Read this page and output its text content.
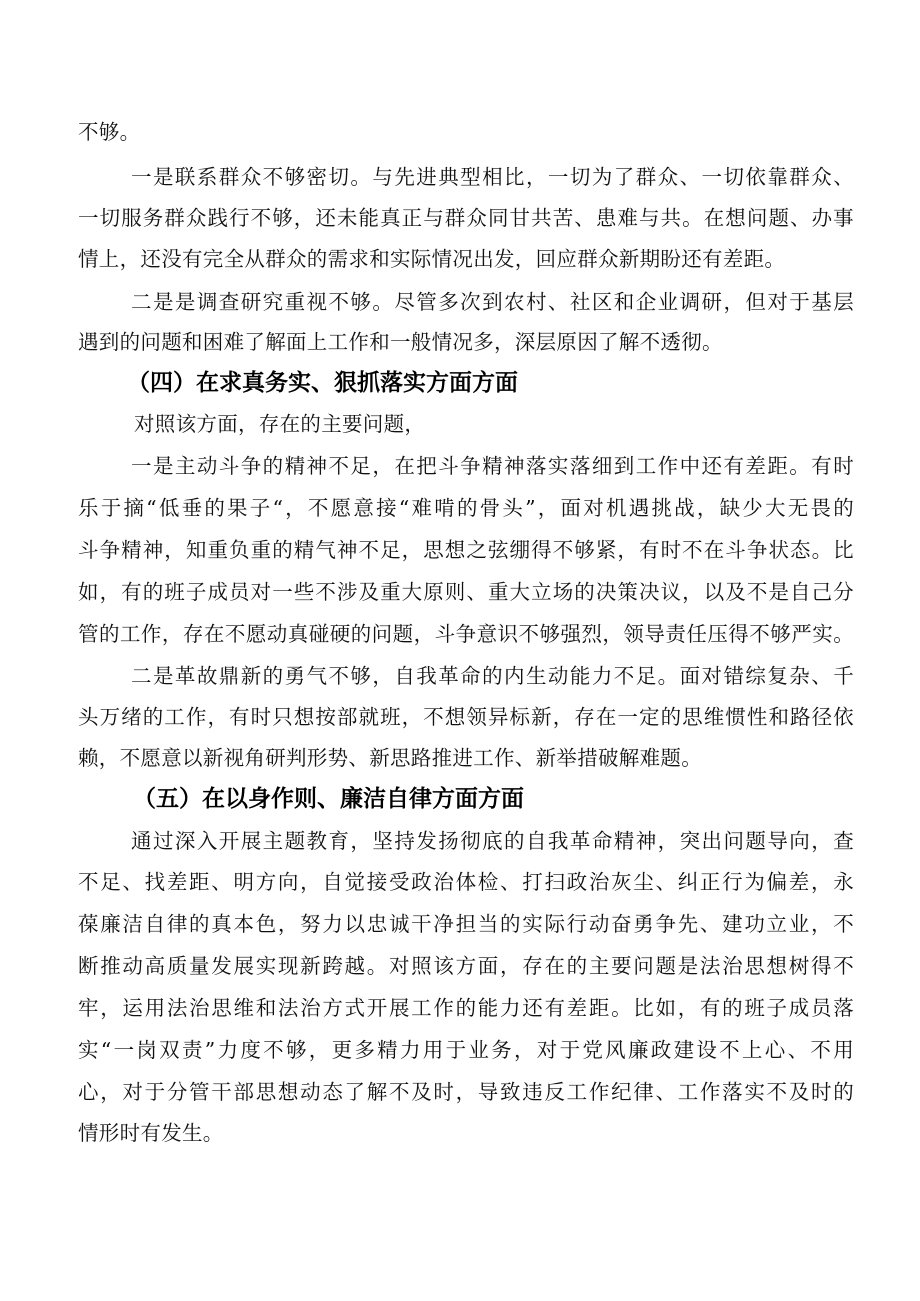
不够。
一是联系群众不够密切。与先进典型相比，一切为了群众、一切依靠群众、
一切服务群众践行不够，还未能真正与群众同甘共苦、患难与共。在想问题、办事
情上，还没有完全从群众的需求和实际情况出发，回应群众新期盼还有差距。
二是是调查研究重视不够。尽管多次到农村、社区和企业调研，但对于基层
遇到的问题和困难了解面上工作和一般情况多，深层原因了解不透彻。
（四）在求真务实、狠抓落实方面方面
对照该方面，存在的主要问题，
一是主动斗争的精神不足，在把斗争精神落实落细到工作中还有差距。有时
乐于摘“低垂的果子“，不愿意接“难啃的骨头”，面对机遇挑战，缺少大无畏的
斗争精神，知重负重的精气神不足，思想之弦绷得不够紧，有时不在斗争状态。比
如，有的班子成员对一些不涉及重大原则、重大立场的决策决议，以及不是自己分
管的工作，存在不愿动真碰硬的问题，斗争意识不够强烈，领导责任压得不够严实。
二是革故鼎新的勇气不够，自我革命的内生动能力不足。面对错综复杂、千
头万绪的工作，有时只想按部就班，不想领异标新，存在一定的思维惯性和路径依
赖，不愿意以新视角研判形势、新思路推进工作、新举措破解难题。
（五）在以身作则、廉洁自律方面方面
通过深入开展主题教育，坚持发扬彻底的自我革命精神，突出问题导向，查
不足、找差距、明方向，自觉接受政治体检、打扫政治灰尘、纠正行为偏差，永
葆廉洁自律的真本色，努力以忠诚干净担当的实际行动奋勇争先、建功立业，不
断推动高质量发展实现新跨越。对照该方面，存在的主要问题是法治思想树得不
牢，运用法治思维和法治方式开展工作的能力还有差距。比如，有的班子成员落
实“一岗双责”力度不够，更多精力用于业务，对于党风廉政建设不上心、不用
心，对于分管干部思想动态了解不及时，导致违反工作纪律、工作落实不及时的
情形时有发生。
